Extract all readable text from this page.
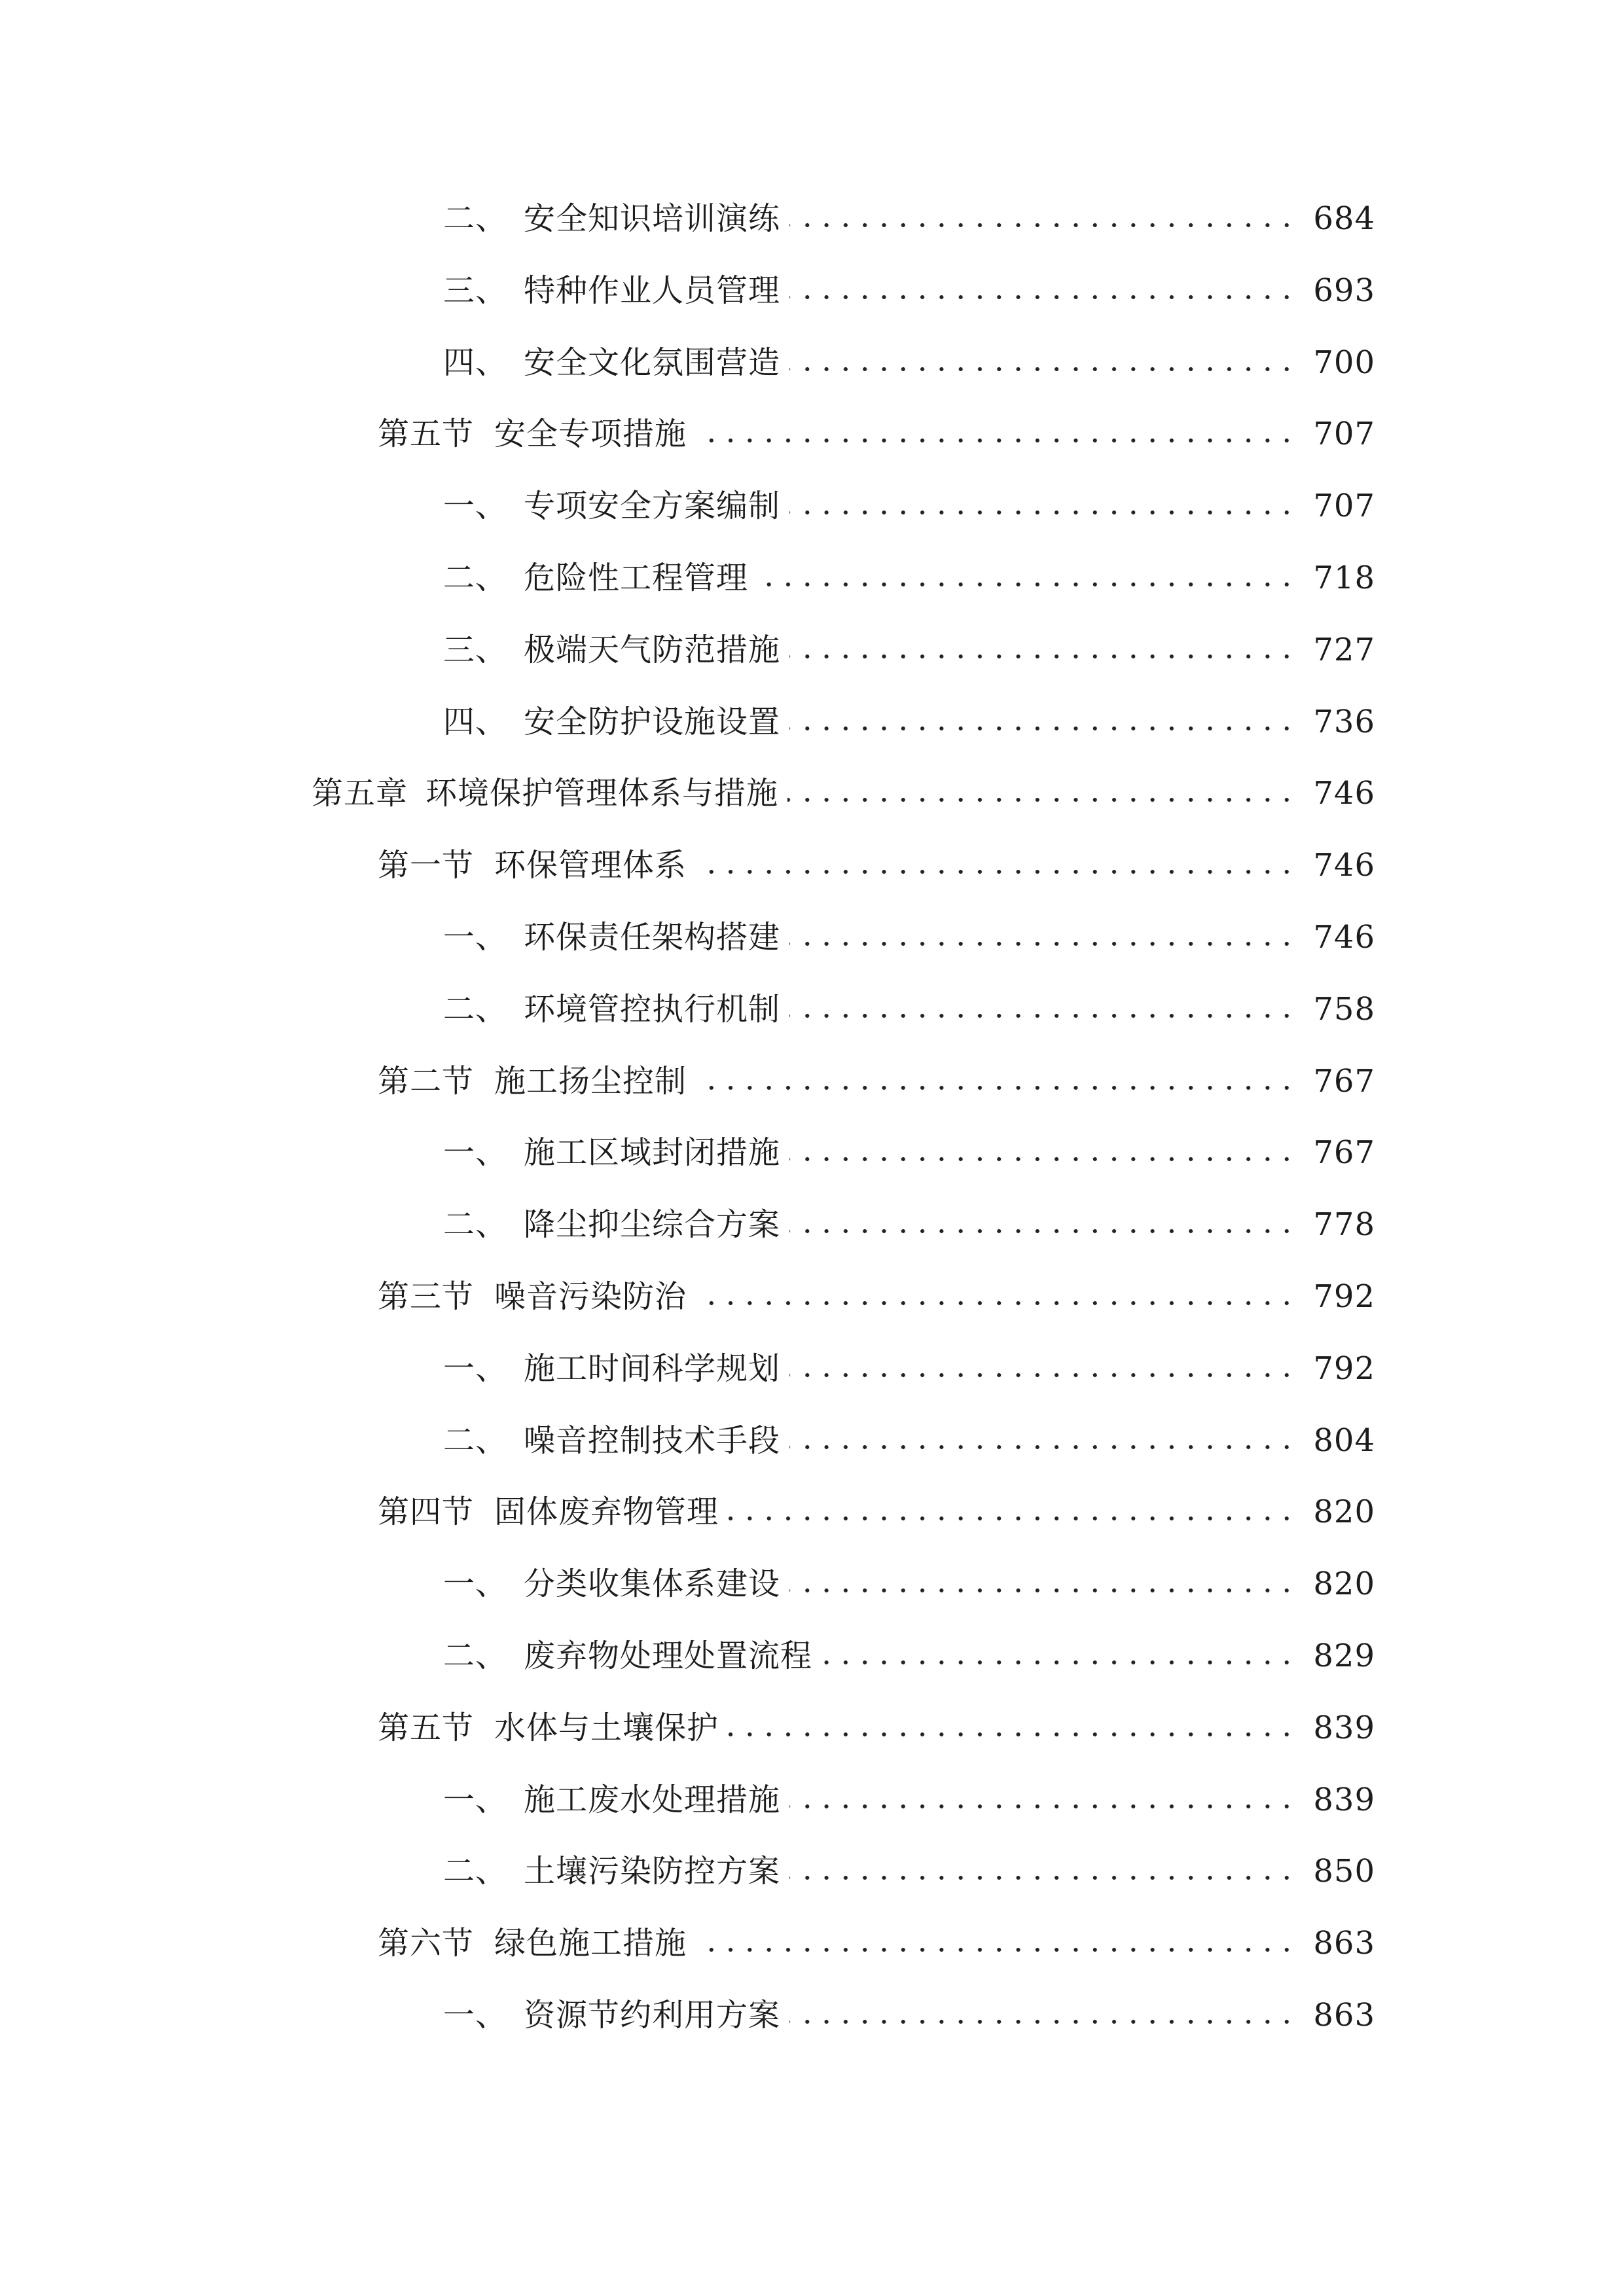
二、 安全知识培训演练	684
三、 特种作业人员管理	693
四、 安全文化氛围营造	700
第五节 安全专项措施	707
一、 专项安全方案编制	707
二、 危险性工程管理	718
三、 极端天气防范措施	727
四、 安全防护设施设置	736
第五章 环境保护管理体系与措施	746
第一节 环保管理体系	746
一、 环保责任架构搭建	746
二、 环境管控执行机制	758
第二节 施工扬尘控制	767
一、 施工区域封闭措施	767
二、 降尘抑尘综合方案	778
第三节 噪音污染防治	792
一、 施工时间科学规划	792
二、 噪音控制技术手段	804
第四节 固体废弃物管理	820
一、 分类收集体系建设	820
二、 废弃物处理处置流程	829
第五节 水体与土壤保护	839
一、 施工废水处理措施	839
二、 土壤污染防控方案	850
第六节 绿色施工措施	863
一、 资源节约利用方案	863
